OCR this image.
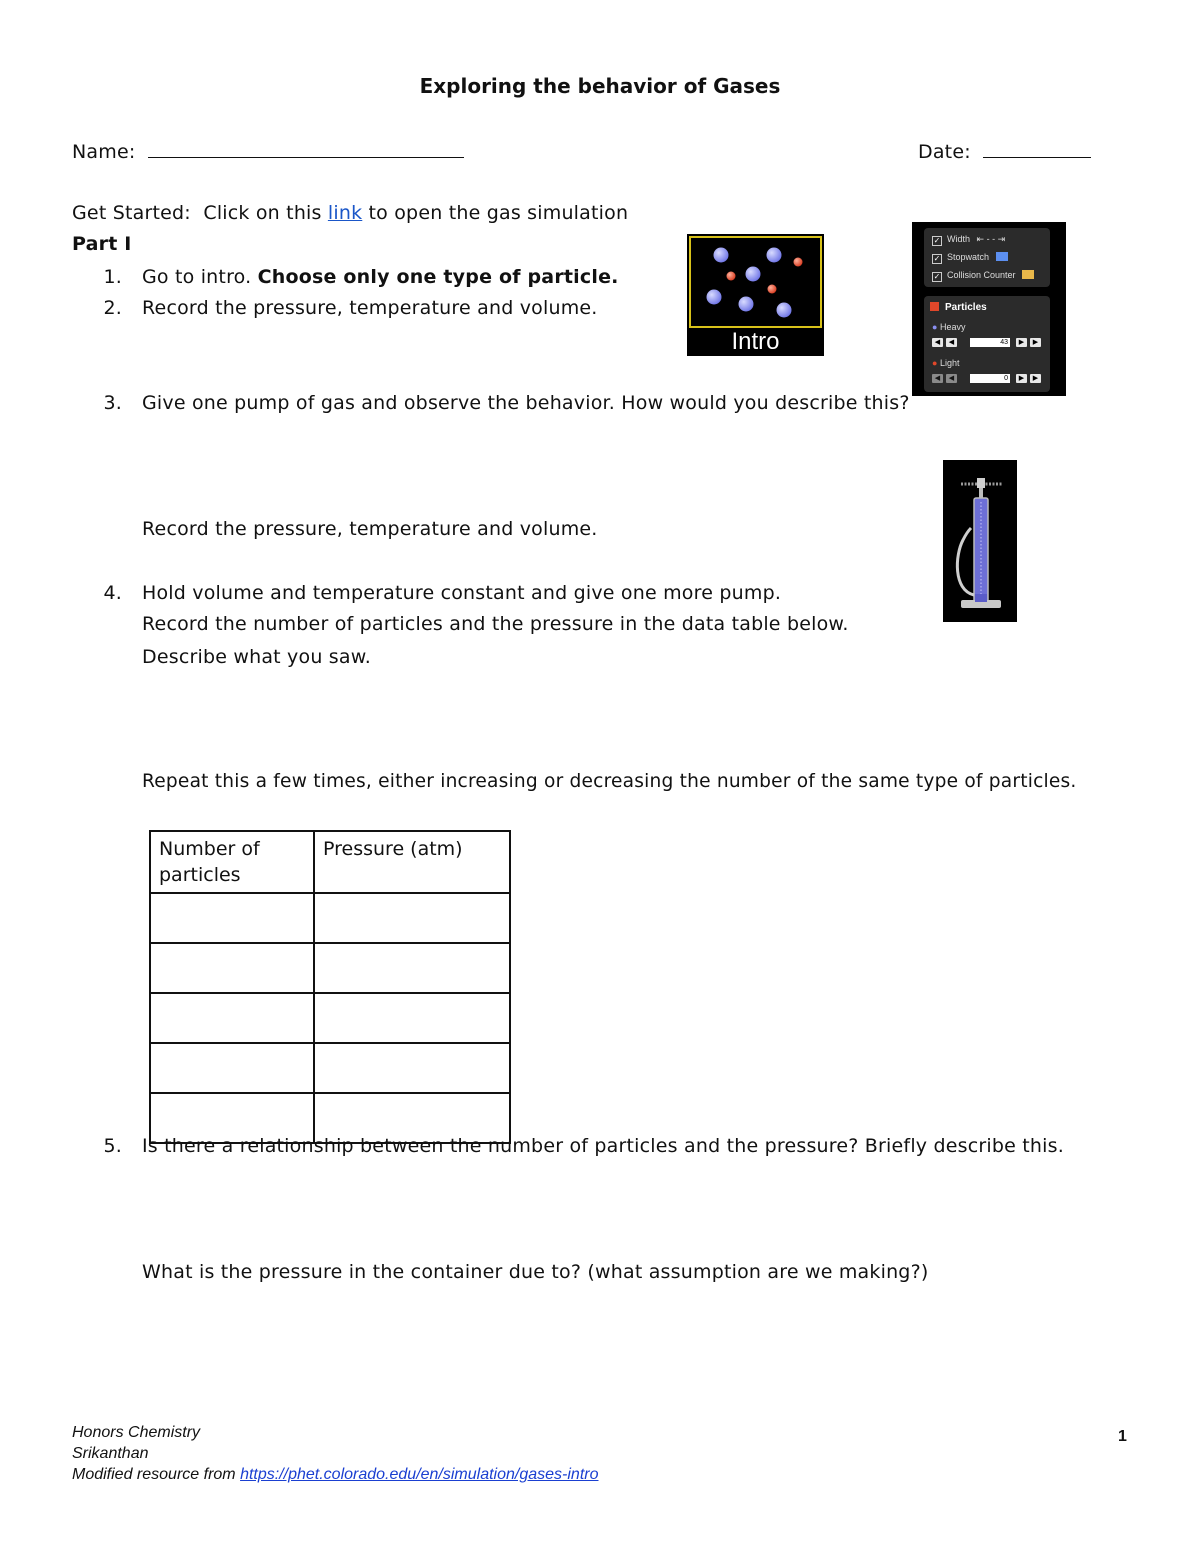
Exploring the behavior of Gases
Name:	Date:
Get Started:  Click on this link to open the gas simulation
Part I
1. Go to intro. Choose only one type of particle.
2. Record the pressure, temperature and volume.
3. Give one pump of gas and observe the behavior. How would you describe this?
Record the pressure, temperature and volume.
4. Hold volume and temperature constant and give one more pump.
Record the number of particles and the pressure in the data table below.
Describe what you saw.
Repeat this a few times, either increasing or decreasing the number of the same type of particles.
Number of particles	Pressure (atm)

5. Is there a relationship between the number of particles and the pressure? Briefly describe this.
What is the pressure in the container due to? (what assumption are we making?)
Intro
✓ Width ⇤ - - ⇥
✓ Stopwatch
✓ Collision Counter
Particles
● Heavy
◀	◀	43	▶	▶
● Light
◀	◀	0	▶	▶
Honors Chemistry
Srikanthan
Modified resource from https://phet.colorado.edu/en/simulation/gases-intro
1
